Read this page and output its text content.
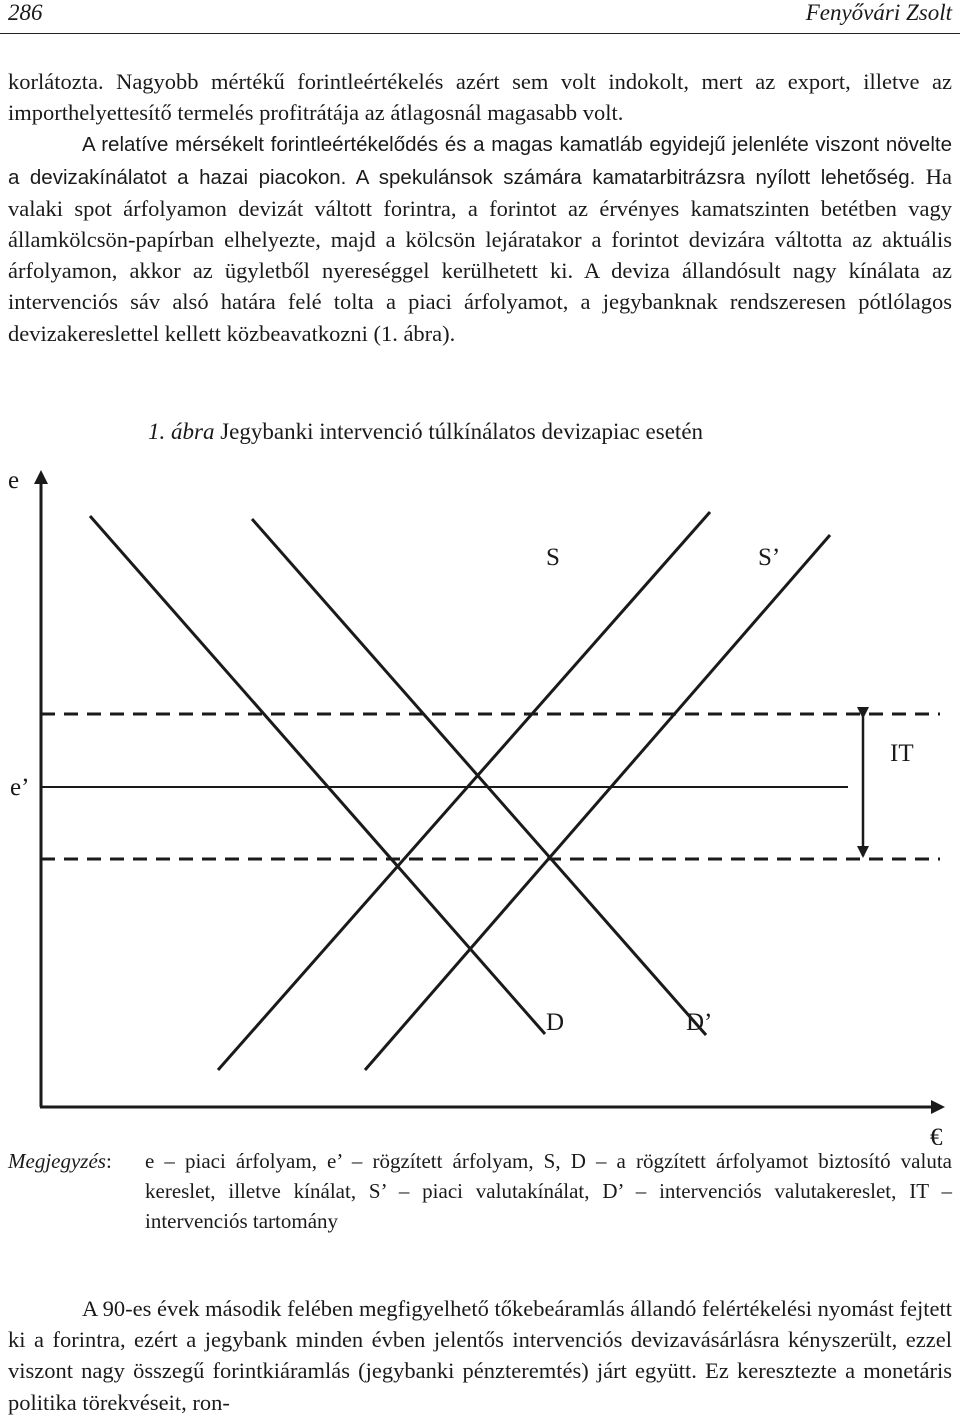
286	Fenyővári Zsolt

korlátozta. Nagyobb mértékű forintleértékelés azért sem volt indokolt, mert az export, illetve az importhelyettesítő termelés profitrátája az átlagosnál magasabb volt.

A relatíve mérsékelt forintleértékelődés és a magas kamatláb egyidejű jelenléte viszont növelte a devizakínálatot a hazai piacokon. A spekulánsok számára kamatarbitrázsra nyílott lehetőség. Ha valaki spot árfolyamon devizát váltott forintra, a forintot az érvényes kamatszinten betétben vagy államkölcsön-papírban elhelyezte, majd a kölcsön lejáratakor a forintot devizára váltotta az aktuális árfolyamon, akkor az ügyletből nyereséggel kerülhetett ki. A deviza állandósult nagy kínálata az intervenciós sáv alsó határa felé tolta a piaci árfolyamot, a jegybanknak rendszeresen pótlólagos devizakereslettel kellett közbeavatkozni (1. ábra).

1. ábra Jegybanki intervenció túlkínálatos devizapiac esetén

e
€
e’
S	S’
D	D’
IT
Megjegyzés: e – piaci árfolyam, e’ – rögzített árfolyam, S, D – a rögzített árfolyamot biztosító valuta kereslet, illetve kínálat, S’ – piaci valutakínálat, D’ – intervenciós valutakereslet, IT – intervenciós tartomány

A 90-es évek második felében megfigyelhető tőkebeáramlás állandó felértékelési nyomást fejtett ki a forintra, ezért a jegybank minden évben jelentős intervenciós devizavásárlásra kényszerült, ezzel viszont nagy összegű forintkiáramlás (jegybanki pénzteremtés) járt együtt. Ez keresztezte a monetáris politika törekvéseit, ron-
